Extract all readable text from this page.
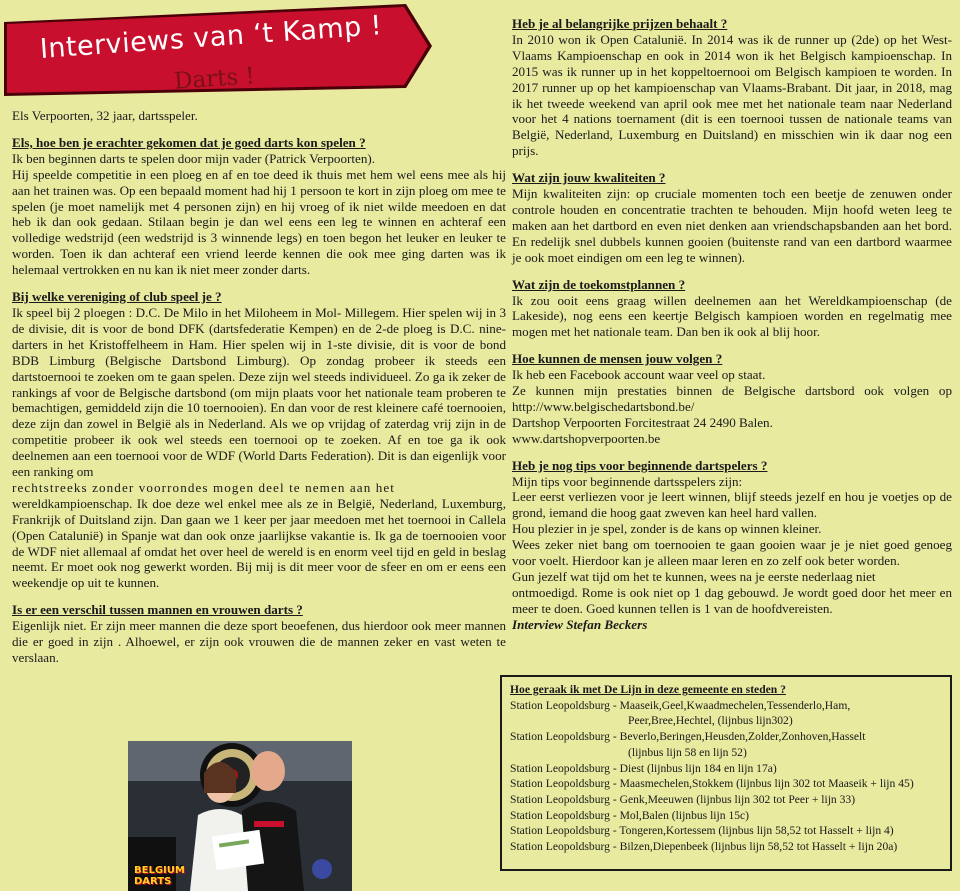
Interviews van ‘t Kamp !
Darts !
Els Verpoorten, 32 jaar, dartsspeler.
Els, hoe ben je erachter gekomen dat je goed darts kon spelen ?
Ik ben beginnen darts te spelen door mijn vader (Patrick Verpoorten).
Hij speelde competitie in een ploeg en af en toe deed ik thuis met hem wel eens mee als hij aan het trainen was. Op een bepaald moment had hij 1 persoon te kort in zijn ploeg om mee te spelen (je moet namelijk met 4 personen zijn) en hij vroeg of ik niet wilde meedoen en dat heb ik dan ook gedaan. Stilaan begin je dan wel eens een leg te winnen en achteraf een volledige wedstrijd (een wedstrijd is 3 winnende legs) en toen begon het leuker en leuker te worden. Toen ik dan achteraf een vriend leerde kennen die ook mee ging darten was ik helemaal vertrokken en nu kan ik niet meer zonder darts.
Bij welke vereniging of club speel je ?
Ik speel bij 2 ploegen : D.C. De Milo in het Miloheem in Mol- Millegem. Hier spelen wij in 3 de divisie, dit is voor de bond DFK (dartsfederatie Kempen) en de 2-de ploeg is D.C. nine-darters in het Kristoffelheem in Ham. Hier spelen wij in 1-ste divisie, dit is voor de bond BDB Limburg (Belgische Dartsbond Limburg). Op zondag probeer ik steeds een dartstoernooi te zoeken om te gaan spelen. Deze zijn wel steeds individueel. Zo ga ik zeker de rankings af voor de Belgische dartsbond (om mijn plaats voor het nationale team proberen te bemachtigen, gemiddeld zijn die 10 toernooien). En dan voor de rest kleinere café toernooien, deze zijn dan zowel in België als in Nederland. Als we op vrijdag of zaterdag vrij zijn in de competitie probeer ik ook wel steeds een toernooi op te zoeken. Af en toe ga ik ook deelnemen aan een toernooi voor de WDF (World Darts Federation). Dit is dan eigenlijk voor een ranking om
rechtstreeks zonder voorrondes mogen deel te nemen aan het
wereldkampioenschap. Ik doe deze wel enkel mee als ze in België, Nederland, Luxemburg, Frankrijk of Duitsland zijn. Dan gaan we 1 keer per jaar meedoen met het toernooi in Callela (Open Catalunië) in Spanje wat dan ook onze jaarlijkse vakantie is. Ik ga de toernooien voor de WDF niet allemaal af omdat het over heel de wereld is en enorm veel tijd en geld in beslag neemt. Er moet ook nog gewerkt worden. Bij mij is dit meer voor de sfeer en om er eens een weekendje op uit te kunnen.
Is er een verschil tussen mannen en vrouwen darts ?
Eigenlijk niet. Er zijn meer mannen die deze sport beoefenen, dus hierdoor ook meer mannen die er goed in zijn . Alhoewel, er zijn ook vrouwen die de mannen zeker en vast weten te verslaan.
BELGIUM
DARTS
Heb je al belangrijke prijzen behaalt ?
In 2010 won ik Open Catalunië. In 2014 was ik de runner up (2de) op het West-Vlaams Kampioenschap en ook in 2014 won ik het Belgisch kampioenschap. In 2015 was ik runner up in het koppeltoernooi om Belgisch kampioen te worden. In 2017 runner up op het kampioenschap van Vlaams-Brabant. Dit jaar, in 2018, mag ik het tweede weekend van april ook mee met het nationale team naar Nederland voor het 4 nations toernament (dit is een toernooi tussen de nationale teams van België, Nederland, Luxemburg en Duitsland) en misschien win ik daar nog een prijs.
Wat zijn jouw kwaliteiten ?
Mijn kwaliteiten zijn: op cruciale momenten toch een beetje de zenuwen onder controle houden en concentratie trachten te behouden. Mijn hoofd weten leeg te maken aan het dartbord en even niet denken aan vriendschapsbanden aan het bord. En redelijk snel dubbels kunnen gooien (buitenste rand van een dartbord waarmee je ook moet eindigen om een leg te winnen).
Wat zijn de toekomstplannen ?
Ik zou ooit eens graag willen deelnemen aan het Wereldkampioenschap (de Lakeside), nog eens een keertje Belgisch kampioen worden en regelmatig mee mogen met het nationale team. Dan ben ik ook al blij hoor.
Hoe kunnen de mensen jouw volgen ?
Ik heb een Facebook account waar veel op staat.
Ze kunnen mijn prestaties binnen de Belgische dartsbord ook volgen op http://www.belgischedartsbond.be/
Dartshop Verpoorten Forcitestraat 24 2490 Balen.
www.dartshopverpoorten.be
Heb je nog tips voor beginnende dartspelers ?
Mijn tips voor beginnende dartsspelers zijn:
Leer eerst verliezen voor je leert winnen, blijf steeds jezelf en hou je voetjes op de grond, iemand die hoog gaat zweven kan heel hard vallen.
Hou plezier in je spel, zonder is de kans op winnen kleiner.
Wees zeker niet bang om toernooien te gaan gooien waar je je niet goed genoeg voor voelt. Hierdoor kan je alleen maar leren en zo zelf ook beter worden.
Gun jezelf wat tijd om het te kunnen, wees na je eerste nederlaag niet
ontmoedigd. Rome is ook niet op 1 dag gebouwd. Je wordt goed door het meer en meer te doen. Goed kunnen tellen is 1 van de hoofdvereisten.
Interview Stefan Beckers
Hoe geraak ik met De Lijn in deze gemeente en steden ?
Station Leopoldsburg - Maaseik,Geel,Kwaadmechelen,Tessenderlo,Ham,
Peer,Bree,Hechtel, (lijnbus lijn302)
Station Leopoldsburg - Beverlo,Beringen,Heusden,Zolder,Zonhoven,Hasselt
(lijnbus lijn 58 en lijn 52)
Station Leopoldsburg - Diest (lijnbus lijn 184 en lijn 17a)
Station Leopoldsburg - Maasmechelen,Stokkem (lijnbus lijn 302 tot Maaseik + lijn 45)
Station Leopoldsburg - Genk,Meeuwen (lijnbus lijn 302 tot Peer + lijn 33)
Station Leopoldsburg - Mol,Balen (lijnbus lijn 15c)
Station Leopoldsburg - Tongeren,Kortessem (lijnbus lijn 58,52 tot Hasselt + lijn 4)
Station Leopoldsburg - Bilzen,Diepenbeek (lijnbus lijn 58,52 tot Hasselt + lijn 20a)
